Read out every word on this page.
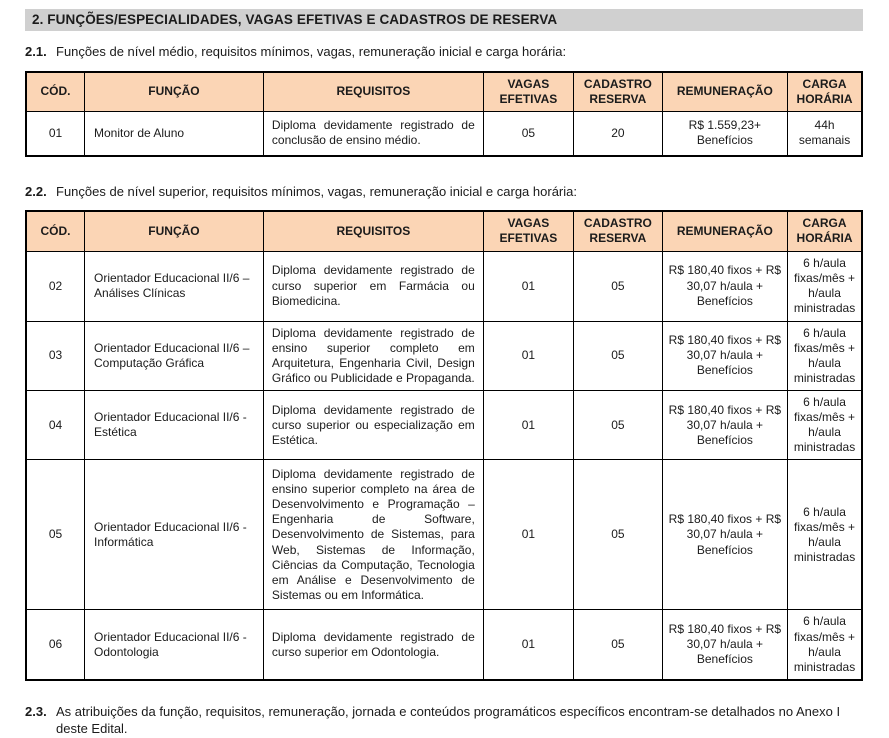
2. FUNÇÕES/ESPECIALIDADES, VAGAS EFETIVAS E CADASTROS DE RESERVA
2.1. Funções de nível médio, requisitos mínimos, vagas, remuneração inicial e carga horária:
CÓD.	FUNÇÃO	REQUISITOS	VAGAS EFETIVAS	CADASTRO RESERVA	REMUNERAÇÃO	CARGA HORÁRIA
01	Monitor de Aluno	Diploma devidamente registrado de conclusão de ensino médio.	05	20	R$ 1.559,23+ Benefícios	44h semanais
2.2. Funções de nível superior, requisitos mínimos, vagas, remuneração inicial e carga horária:
CÓD.	FUNÇÃO	REQUISITOS	VAGAS EFETIVAS	CADASTRO RESERVA	REMUNERAÇÃO	CARGA HORÁRIA
02	Orientador Educacional II/6 – Análises Clínicas	Diploma devidamente registrado de curso superior em Farmácia ou Biomedicina.	01	05	R$ 180,40 fixos + R$ 30,07 h/aula + Benefícios	6 h/aula fixas/mês + h/aula ministradas
03	Orientador Educacional II/6 – Computação Gráfica	Diploma devidamente registrado de ensino superior completo em Arquitetura, Engenharia Civil, Design Gráfico ou Publicidade e Propaganda.	01	05	R$ 180,40 fixos + R$ 30,07 h/aula + Benefícios	6 h/aula fixas/mês + h/aula ministradas
04	Orientador Educacional II/6 - Estética	Diploma devidamente registrado de curso superior ou especialização em Estética.	01	05	R$ 180,40 fixos + R$ 30,07 h/aula + Benefícios	6 h/aula fixas/mês + h/aula ministradas
05	Orientador Educacional II/6 - Informática	Diploma devidamente registrado de ensino superior completo na área de Desenvolvimento e Programação – Engenharia de Software, Desenvolvimento de Sistemas, para Web, Sistemas de Informação, Ciências da Computação, Tecnologia em Análise e Desenvolvimento de Sistemas ou em Informática.	01	05	R$ 180,40 fixos + R$ 30,07 h/aula + Benefícios	6 h/aula fixas/mês + h/aula ministradas
06	Orientador Educacional II/6 - Odontologia	Diploma devidamente registrado de curso superior em Odontologia.	01	05	R$ 180,40 fixos + R$ 30,07 h/aula + Benefícios	6 h/aula fixas/mês + h/aula ministradas
2.3. As atribuições da função, requisitos, remuneração, jornada e conteúdos programáticos específicos encontram-se detalhados no Anexo I deste Edital.
